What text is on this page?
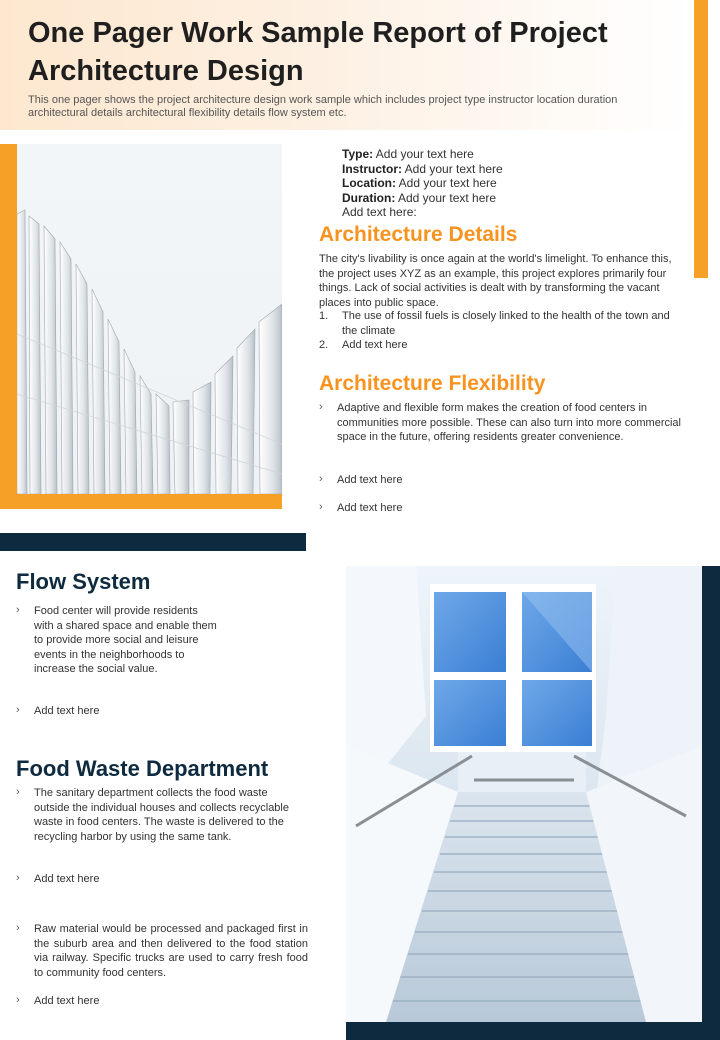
One Pager Work Sample Report of Project Architecture Design

This one pager shows the project architecture design work sample which includes project type instructor location duration architectural details architectural flexibility details flow system etc.

Type: Add your text here
Instructor: Add your text here
Location: Add your text here
Duration: Add your text here
Add text here:
Architecture Details

The city's livability is once again at the world's limelight. To enhance this, the project uses XYZ as an example, this project explores primarily four things. Lack of social activities is dealt with by transforming the vacant places into public space.

1. The use of fossil fuels is closely linked to the health of the town and the climate
2. Add text here
Architecture Flexibility
›	Adaptive and flexible form makes the creation of food centers in communities more possible. These can also turn into more commercial space in the future, offering residents greater convenience.
›	Add text here
›	Add text here
Flow System
›	Food center will provide residents with a shared space and enable them to provide more social and leisure events in the neighborhoods to increase the social value.
›	Add text here
Food Waste Department
›	The sanitary department collects the food waste outside the individual houses and collects recyclable waste in food centers. The waste is delivered to the recycling harbor by using the same tank.
›	Add text here
›	Raw material would be processed and packaged first in the suburb area and then delivered to the food station via railway. Specific trucks are used to carry fresh food to community food centers.
›	Add text here
